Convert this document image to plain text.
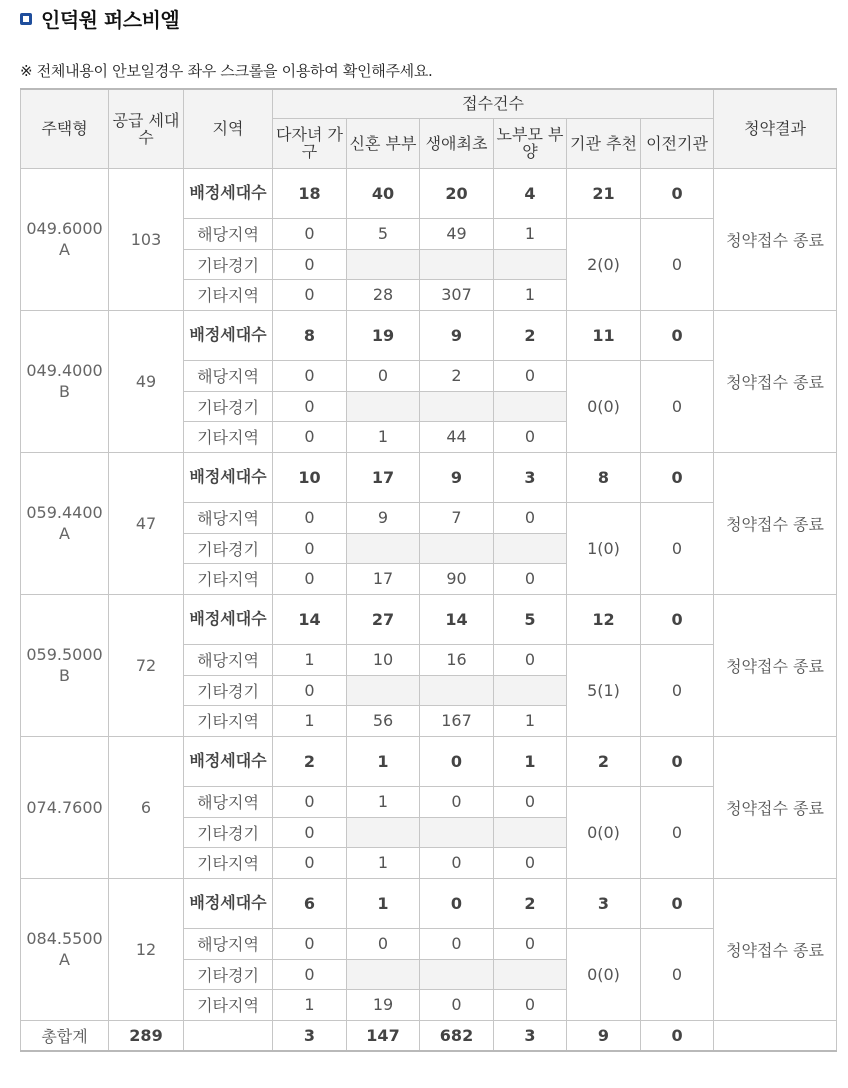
인덕원 퍼스비엘
※ 전체내용이 안보일경우 좌우 스크롤을 이용하여 확인해주세요.
주택형	공급 세대수	지역	접수건수						청약결과
			다자녀 가구	신혼 부부	생애최초	노부모 부양	기관 추천	이전기관	
049.6000 A	103	배정세대수	18	40	20	4	21	0	청약접수 종료
		해당지역	0	5	49	1	2(0)	0	
		기타경기	0						
		기타지역	0	28	307	1			
049.4000 B	49	배정세대수	8	19	9	2	11	0	청약접수 종료
		해당지역	0	0	2	0	0(0)	0	
		기타경기	0						
		기타지역	0	1	44	0			
059.4400 A	47	배정세대수	10	17	9	3	8	0	청약접수 종료
		해당지역	0	9	7	0	1(0)	0	
		기타경기	0						
		기타지역	0	17	90	0			
059.5000 B	72	배정세대수	14	27	14	5	12	0	청약접수 종료
		해당지역	1	10	16	0	5(1)	0	
		기타경기	0						
		기타지역	1	56	167	1			
074.7600	6	배정세대수	2	1	0	1	2	0	청약접수 종료
		해당지역	0	1	0	0	0(0)	0	
		기타경기	0						
		기타지역	0	1	0	0			
084.5500 A	12	배정세대수	6	1	0	2	3	0	청약접수 종료
		해당지역	0	0	0	0	0(0)	0	
		기타경기	0						
		기타지역	1	19	0	0			
총합계	289		3	147	682	3	9	0	
